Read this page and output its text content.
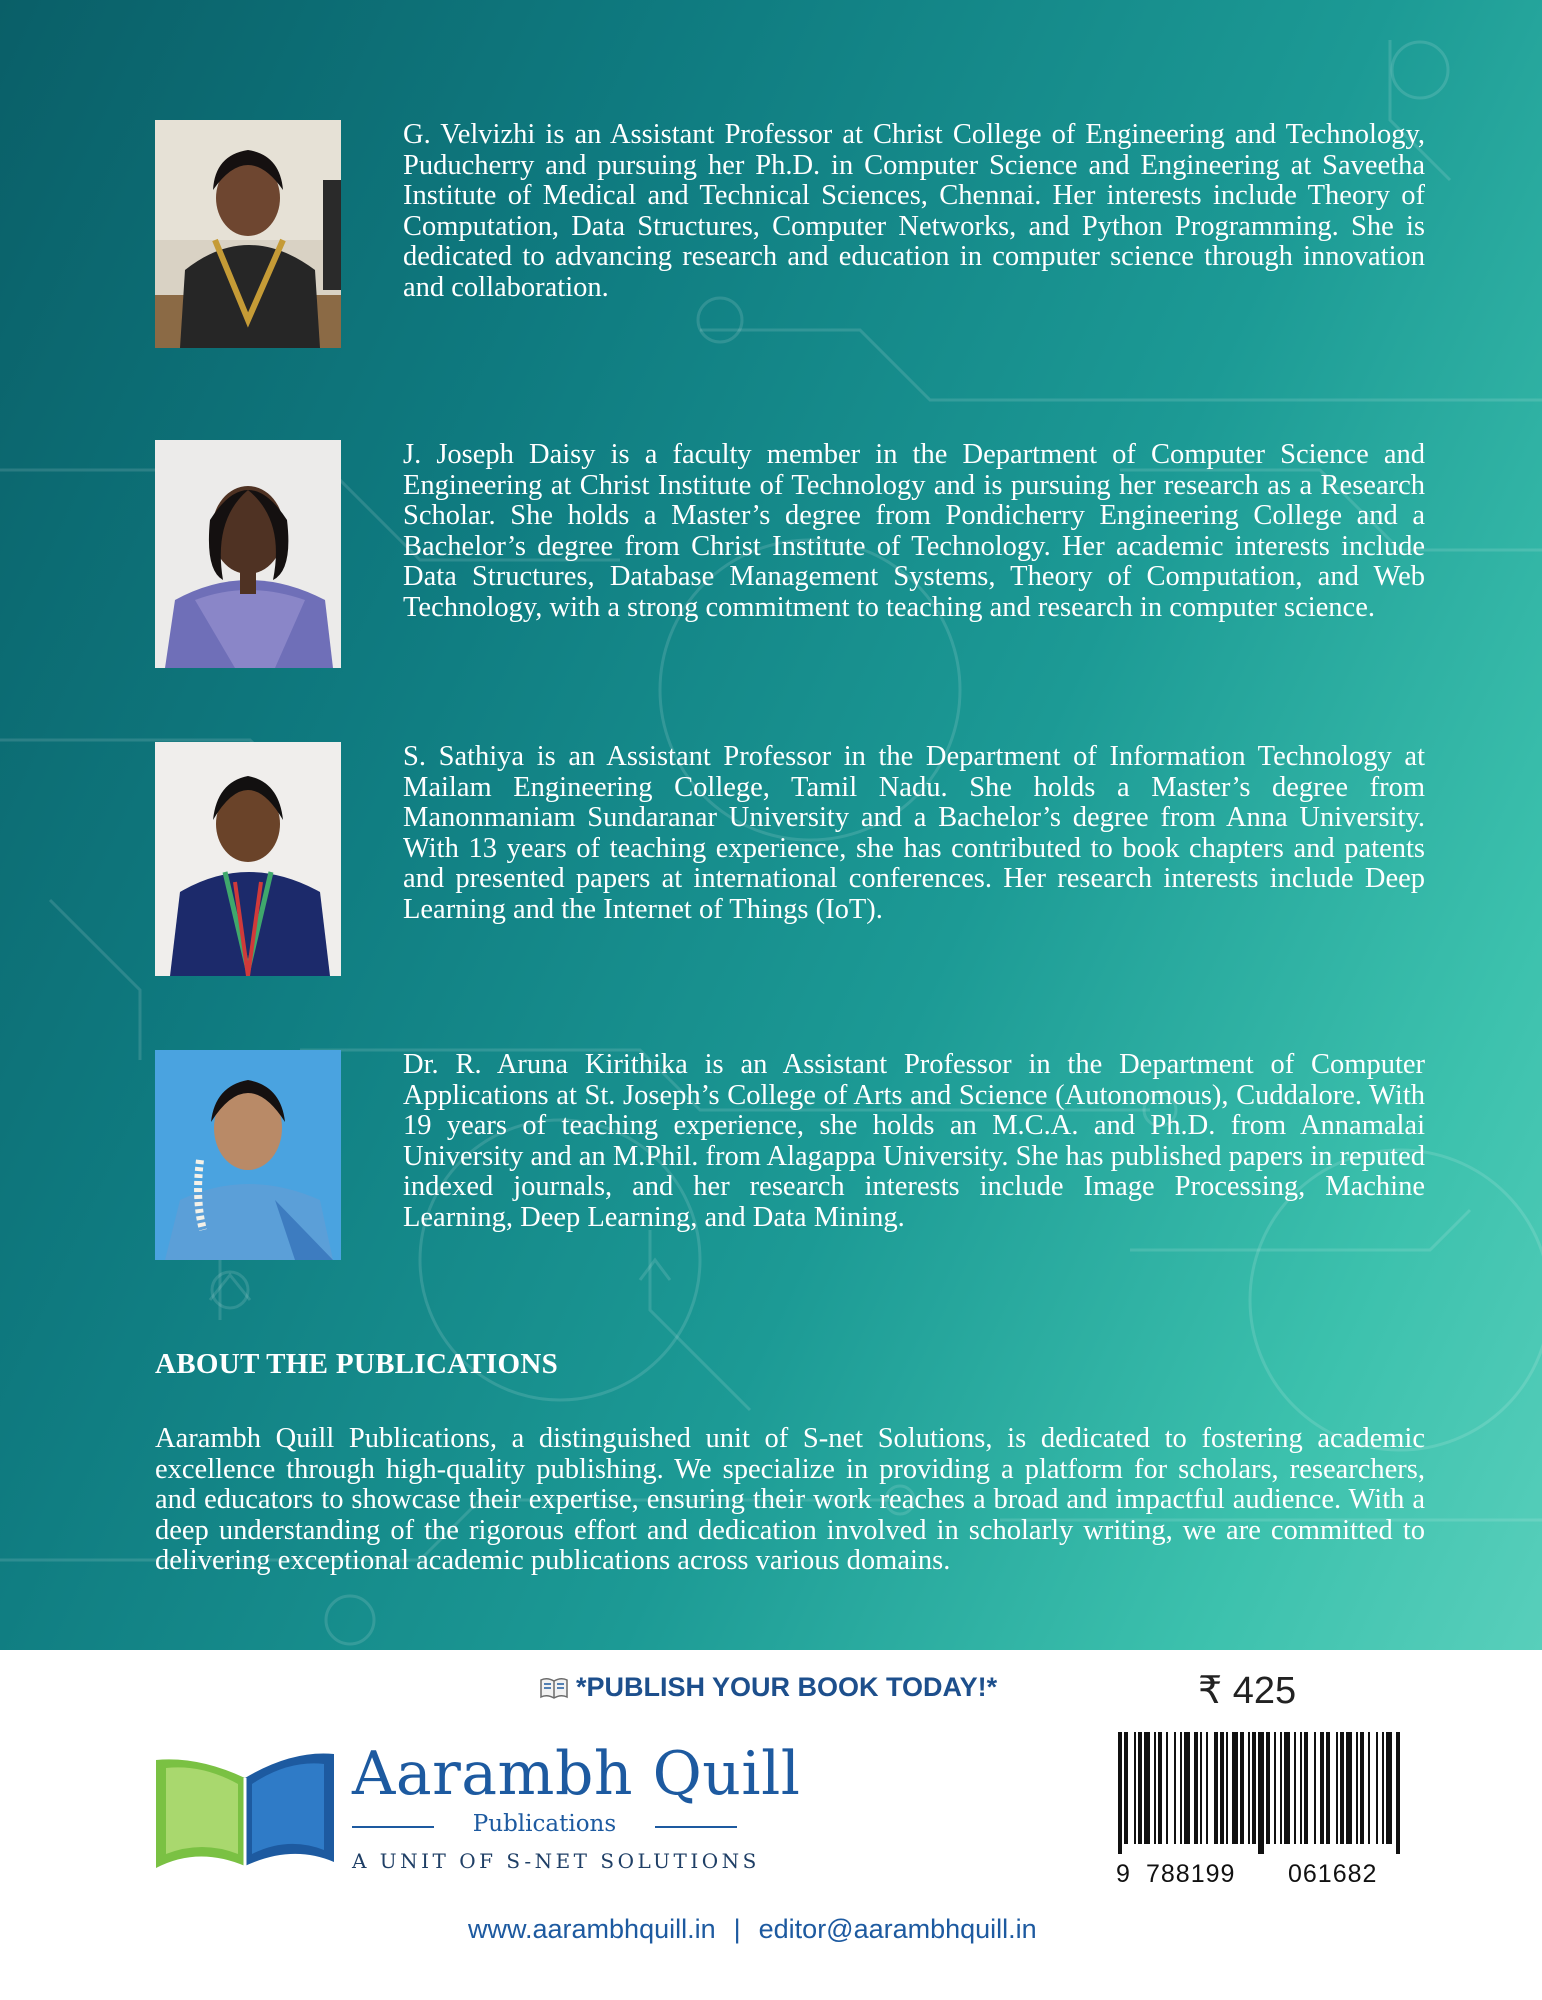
G. Velvizhi is an Assistant Professor at Christ College of Engineering and Technology, Puducherry and pursuing her Ph.D. in Computer Science and Engineering at Saveetha Institute of Medical and Technical Sciences, Chennai. Her interests include Theory of Computation, Data Structures, Computer Networks, and Python Programming. She is dedicated to advancing research and education in computer science through innovation and collaboration.

J. Joseph Daisy is a faculty member in the Department of Computer Science and Engineering at Christ Institute of Technology and is pursuing her research as a Research Scholar. She holds a Master’s degree from Pondicherry Engineering College and a Bachelor’s degree from Christ Institute of Technology. Her academic interests include Data Structures, Database Management Systems, Theory of Computation, and Web Technology, with a strong commitment to teaching and research in computer science.

S. Sathiya is an Assistant Professor in the Department of Information Technology at Mailam Engineering College, Tamil Nadu. She holds a Master’s degree from Manonmaniam Sundaranar University and a Bachelor’s degree from Anna University. With 13 years of teaching experience, she has contributed to book chapters and patents and presented papers at international conferences. Her research interests include Deep Learning and the Internet of Things (IoT).

Dr. R. Aruna Kirithika is an Assistant Professor in the Department of Computer Applications at St. Joseph’s College of Arts and Science (Autonomous), Cuddalore. With 19 years of teaching experience, she holds an M.C.A. and Ph.D. from Annamalai University and an M.Phil. from Alagappa University. She has published papers in reputed indexed journals, and her research interests include Image Processing, Machine Learning, Deep Learning, and Data Mining.

ABOUT THE PUBLICATIONS

Aarambh Quill Publications, a distinguished unit of S-net Solutions, is dedicated to fostering academic excellence through high-quality publishing. We specialize in providing a platform for scholars, researchers, and educators to showcase their expertise, ensuring their work reaches a broad and impactful audience. With a deep understanding of the rigorous effort and dedication involved in scholarly writing, we are committed to delivering exceptional academic publications across various domains.

*PUBLISH YOUR BOOK TODAY!*	₹ 425
Aarambh Quill
Publications
A UNIT OF S-NET SOLUTIONS	9 788199 061682
www.aarambhquill.in | editor@aarambhquill.in
